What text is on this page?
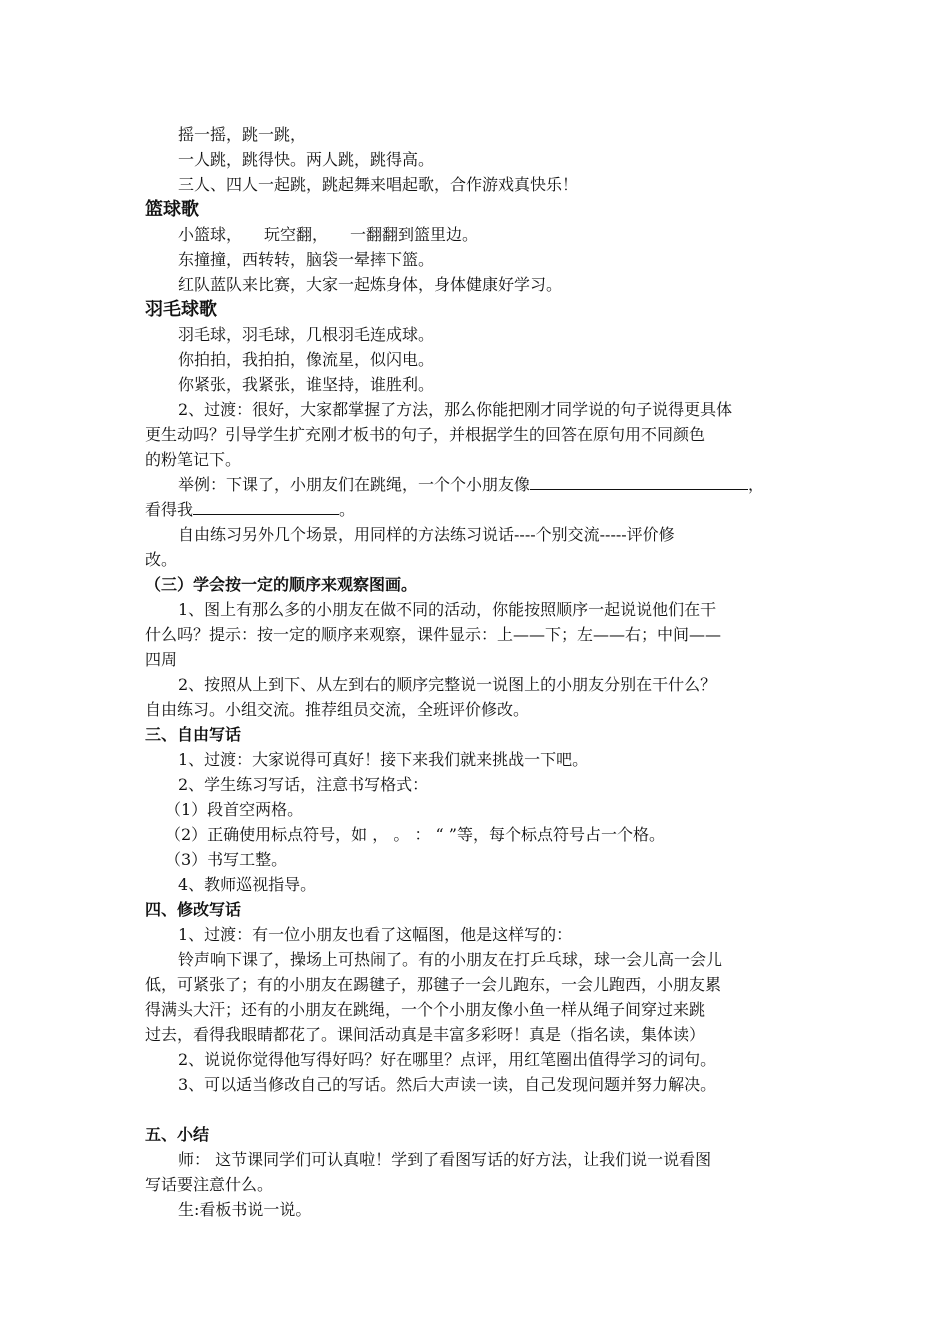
摇一摇，跳一跳，
一人跳，跳得快。两人跳，跳得高。
三人、四人一起跳，跳起舞来唱起歌，合作游戏真快乐！
篮球歌
小篮球， 玩空翻， 一翻翻到篮里边。
东撞撞，西转转，脑袋一晕摔下篮。
红队蓝队来比赛，大家一起炼身体，身体健康好学习。
羽毛球歌
羽毛球，羽毛球，几根羽毛连成球。
你拍拍，我拍拍，像流星，似闪电。
你紧张，我紧张，谁坚持，谁胜利。
2、过渡：很好，大家都掌握了方法，那么你能把刚才同学说的句子说得更具体
更生动吗？引导学生扩充刚才板书的句子，并根据学生的回答在原句用不同颜色
的粉笔记下。
举例：下课了，小朋友们在跳绳，一个个小朋友像	，
看得我	。
自由练习另外几个场景，用同样的方法练习说话----个别交流-----评价修
改。
（三）学会按一定的顺序来观察图画。
1、图上有那么多的小朋友在做不同的活动，你能按照顺序一起说说他们在干
什么吗？提示：按一定的顺序来观察，课件显示：上——下；左——右；中间——
四周
2、按照从上到下、从左到右的顺序完整说一说图上的小朋友分别在干什么？
自由练习。小组交流。推荐组员交流，全班评价修改。
三、自由写话
1、过渡：大家说得可真好！接下来我们就来挑战一下吧。
2、学生练习写话，注意书写格式：
（1）段首空两格。
（2）正确使用标点符号，如 ， 。 ： “ ”等，每个标点符号占一个格。
（3）书写工整。
4、教师巡视指导。
四、修改写话
1、过渡：有一位小朋友也看了这幅图，他是这样写的：
铃声响下课了，操场上可热闹了。有的小朋友在打乒乓球，球一会儿高一会儿
低，可紧张了；有的小朋友在踢毽子，那毽子一会儿跑东，一会儿跑西，小朋友累
得满头大汗；还有的小朋友在跳绳，一个个小朋友像小鱼一样从绳子间穿过来跳
过去，看得我眼睛都花了。课间活动真是丰富多彩呀！真是（指名读，集体读）
2、说说你觉得他写得好吗？好在哪里？点评，用红笔圈出值得学习的词句。
3、可以适当修改自己的写话。然后大声读一读，自己发现问题并努力解决。
五、小结
师： 这节课同学们可认真啦！学到了看图写话的好方法，让我们说一说看图
写话要注意什么。
生:看板书说一说。
